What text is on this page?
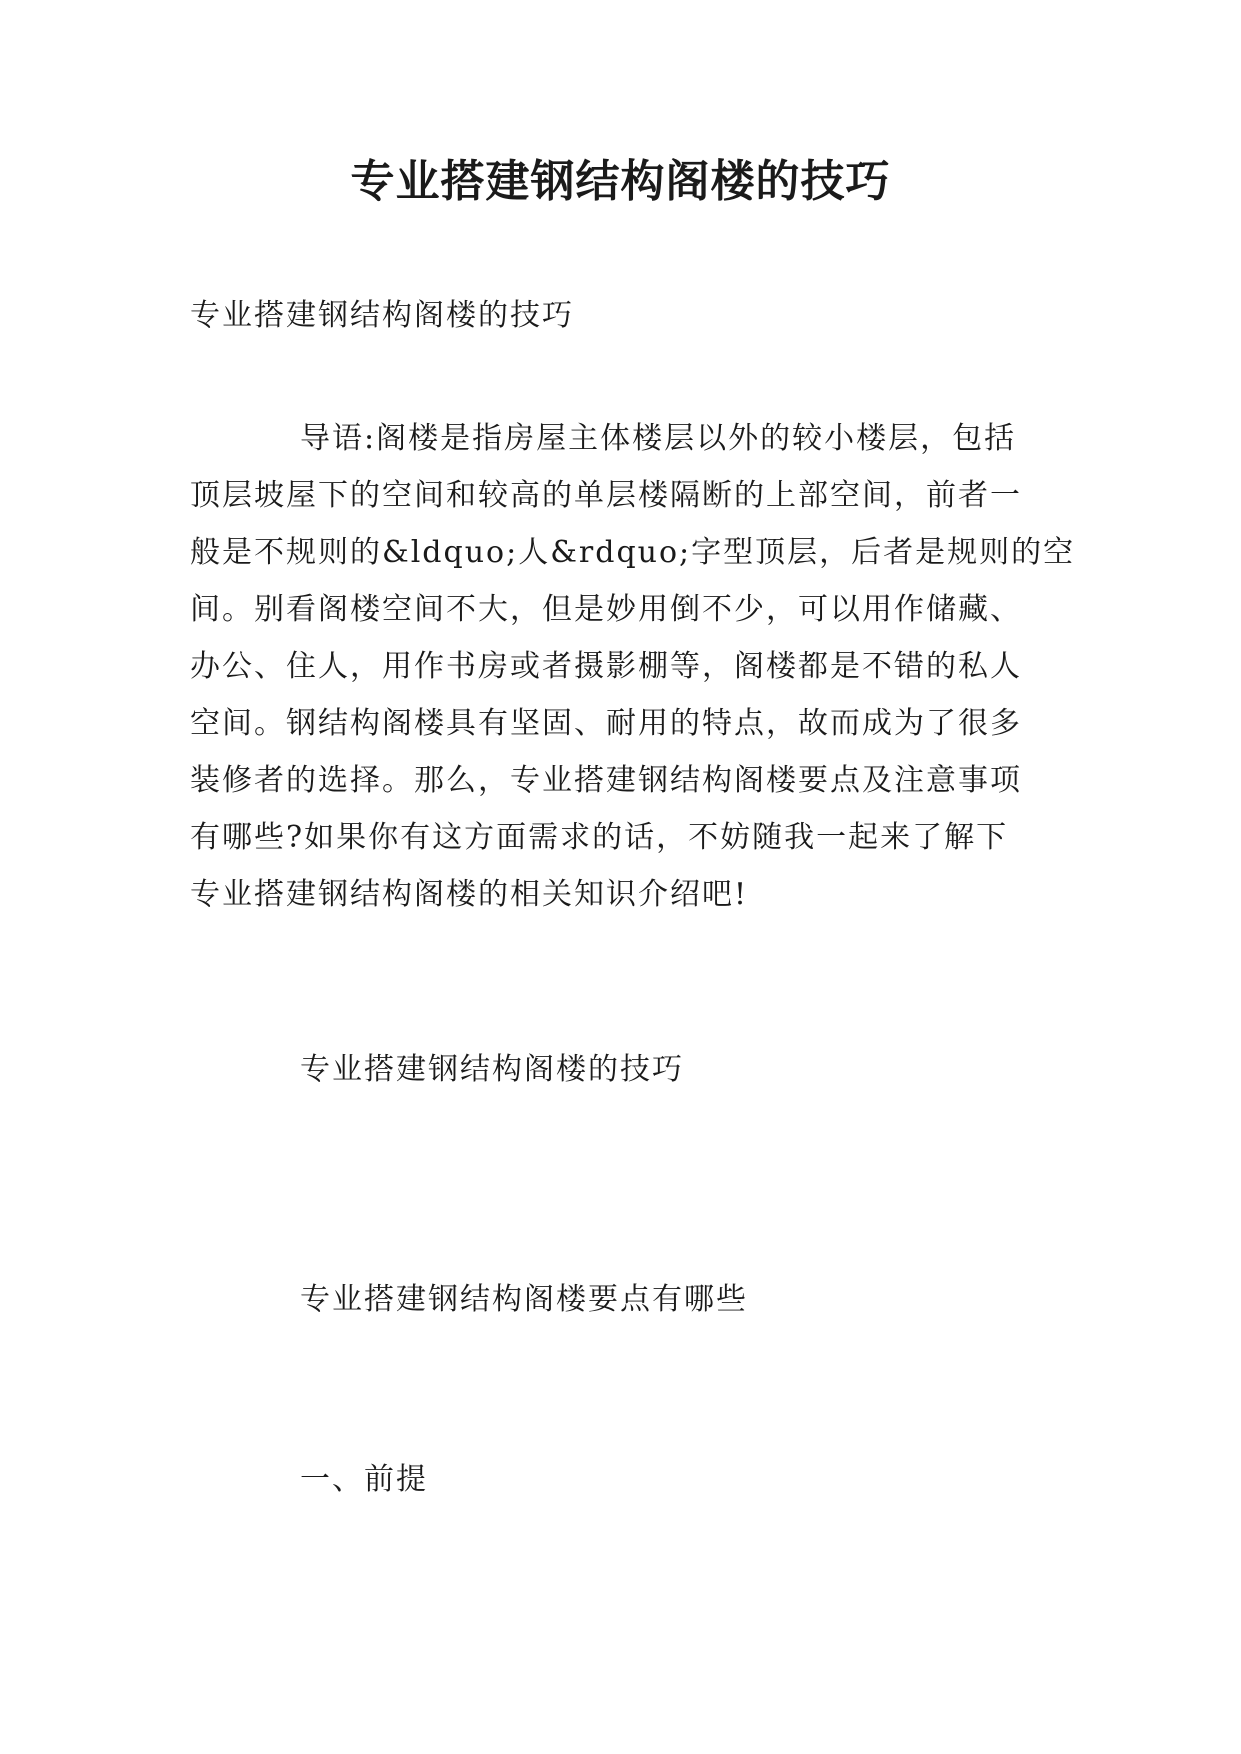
专业搭建钢结构阁楼的技巧
专业搭建钢结构阁楼的技巧
导语:阁楼是指房屋主体楼层以外的较小楼层，包括
顶层坡屋下的空间和较高的单层楼隔断的上部空间，前者一
般是不规则的&ldquo;人&rdquo;字型顶层，后者是规则的空
间。别看阁楼空间不大，但是妙用倒不少，可以用作储藏、
办公、住人，用作书房或者摄影棚等，阁楼都是不错的私人
空间。钢结构阁楼具有坚固、耐用的特点，故而成为了很多
装修者的选择。那么，专业搭建钢结构阁楼要点及注意事项
有哪些?如果你有这方面需求的话，不妨随我一起来了解下
专业搭建钢结构阁楼的相关知识介绍吧!
专业搭建钢结构阁楼的技巧
专业搭建钢结构阁楼要点有哪些
一、前提
